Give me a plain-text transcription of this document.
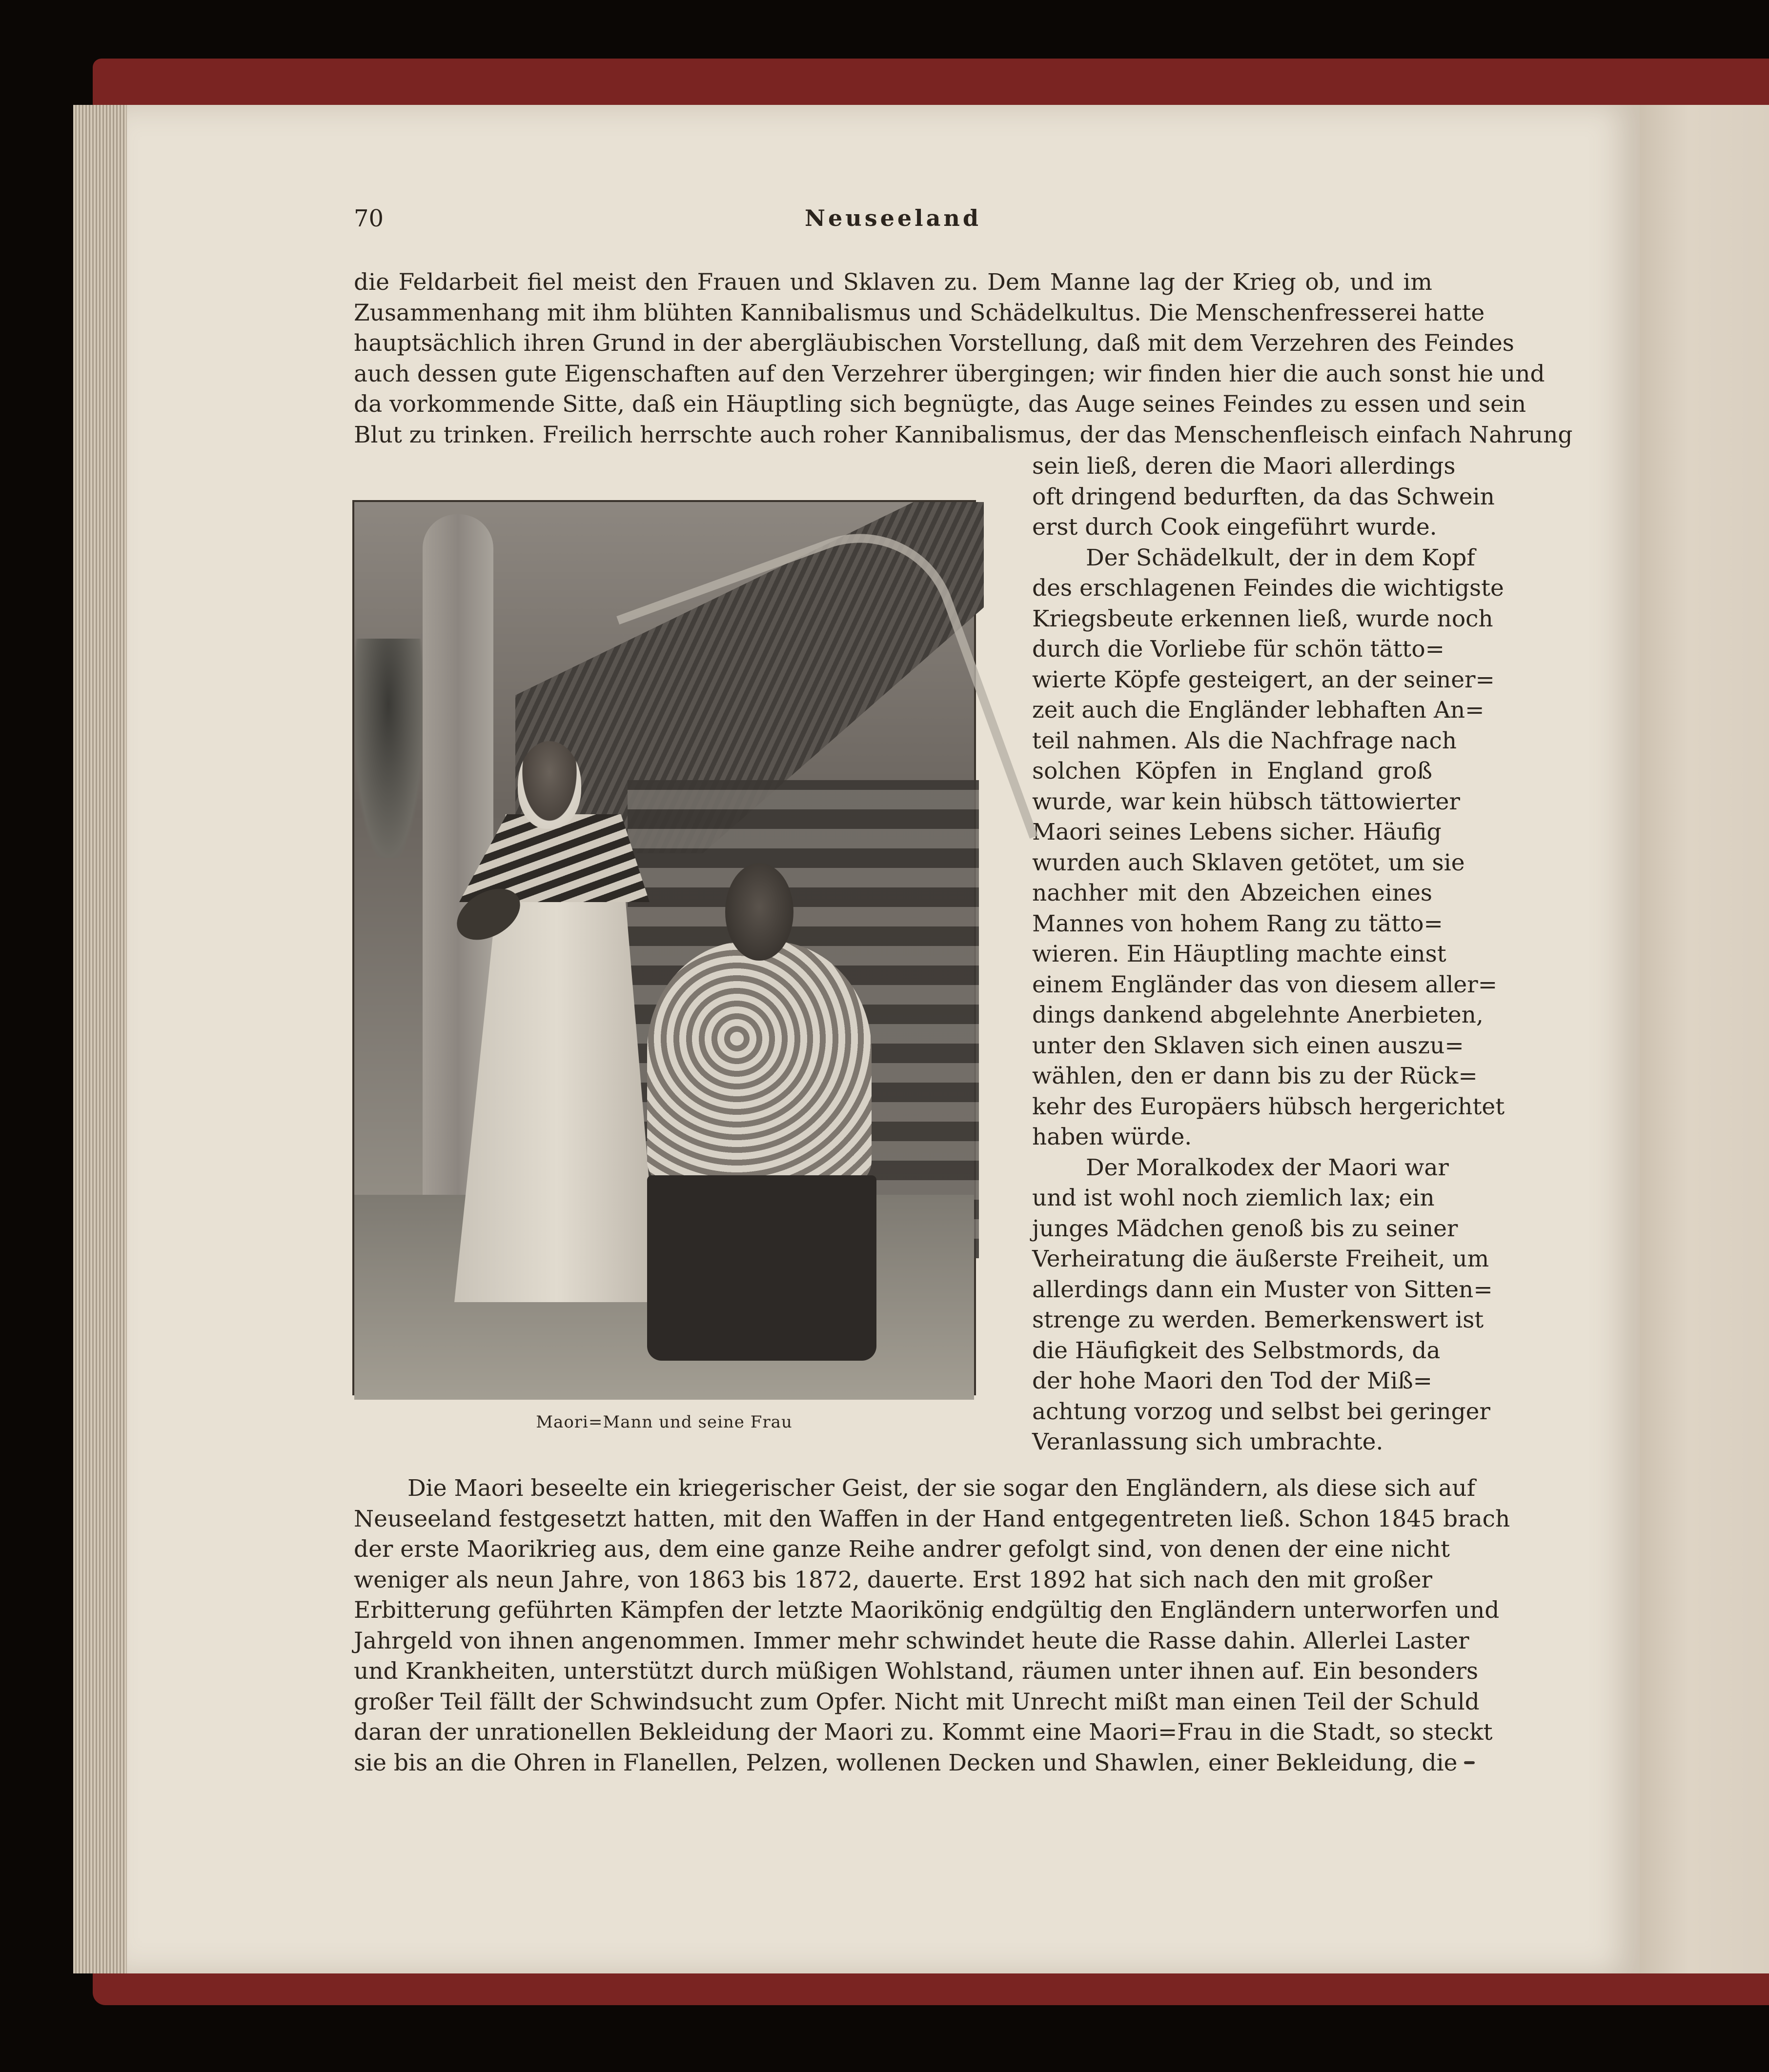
70	Neuseeland
die Feldarbeit fiel meist den Frauen und Sklaven zu. Dem Manne lag der Krieg ob, und im
Zusammenhang mit ihm blühten Kannibalismus und Schädelkultus. Die Menschenfresserei hatte
hauptsächlich ihren Grund in der abergläubischen Vorstellung, daß mit dem Verzehren des Feindes
auch dessen gute Eigenschaften auf den Verzehrer übergingen; wir finden hier die auch sonst hie und
da vorkommende Sitte, daß ein Häuptling sich begnügte, das Auge seines Feindes zu essen und sein
Blut zu trinken. Freilich herrschte auch roher Kannibalismus, der das Menschenfleisch einfach Nahrung
sein ließ, deren die Maori allerdings
oft dringend bedurften, da das Schwein
erst durch Cook eingeführt wurde.
Der Schädelkult, der in dem Kopf
des erschlagenen Feindes die wichtigste
Kriegsbeute erkennen ließ, wurde noch
durch die Vorliebe für schön tätto=
wierte Köpfe gesteigert, an der seiner=
zeit auch die Engländer lebhaften An=
teil nahmen. Als die Nachfrage nach
solchen Köpfen in England groß
wurde, war kein hübsch tättowierter
Maori seines Lebens sicher. Häufig
wurden auch Sklaven getötet, um sie
nachher mit den Abzeichen eines
Mannes von hohem Rang zu tätto=
wieren. Ein Häuptling machte einst
einem Engländer das von diesem aller=
dings dankend abgelehnte Anerbieten,
unter den Sklaven sich einen auszu=
wählen, den er dann bis zu der Rück=
kehr des Europäers hübsch hergerichtet
haben würde.
Der Moralkodex der Maori war
und ist wohl noch ziemlich lax; ein
junges Mädchen genoß bis zu seiner
Verheiratung die äußerste Freiheit, um
allerdings dann ein Muster von Sitten=
strenge zu werden. Bemerkenswert ist
die Häufigkeit des Selbstmords, da
der hohe Maori den Tod der Miß=
achtung vorzog und selbst bei geringer
Veranlassung sich umbrachte.
Maori=Mann und seine Frau
Die Maori beseelte ein kriegerischer Geist, der sie sogar den Engländern, als diese sich auf
Neuseeland festgesetzt hatten, mit den Waffen in der Hand entgegentreten ließ. Schon 1845 brach
der erste Maorikrieg aus, dem eine ganze Reihe andrer gefolgt sind, von denen der eine nicht
weniger als neun Jahre, von 1863 bis 1872, dauerte. Erst 1892 hat sich nach den mit großer
Erbitterung geführten Kämpfen der letzte Maorikönig endgültig den Engländern unterworfen und
Jahrgeld von ihnen angenommen. Immer mehr schwindet heute die Rasse dahin. Allerlei Laster
und Krankheiten, unterstützt durch müßigen Wohlstand, räumen unter ihnen auf. Ein besonders
großer Teil fällt der Schwindsucht zum Opfer. Nicht mit Unrecht mißt man einen Teil der Schuld
daran der unrationellen Bekleidung der Maori zu. Kommt eine Maori=Frau in die Stadt, so steckt
sie bis an die Ohren in Flanellen, Pelzen, wollenen Decken und Shawlen, einer Bekleidung, die
